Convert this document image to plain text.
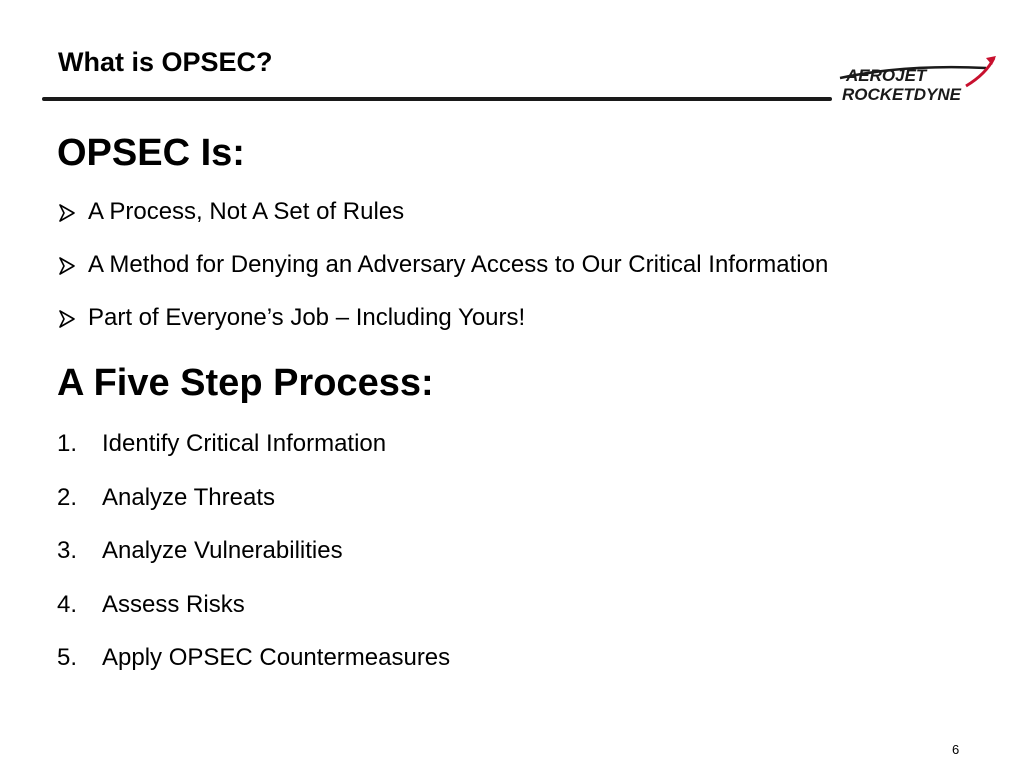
What is OPSEC?	AEROJET
ROCKETDYNE
OPSEC Is:
A Process, Not A Set of Rules
A Method for Denying an Adversary Access to Our Critical Information
Part of Everyone’s Job – Including Yours!
A Five Step Process:
1. Identify Critical Information
2. Analyze Threats
3. Analyze Vulnerabilities
4. Assess Risks
5. Apply OPSEC Countermeasures
6
